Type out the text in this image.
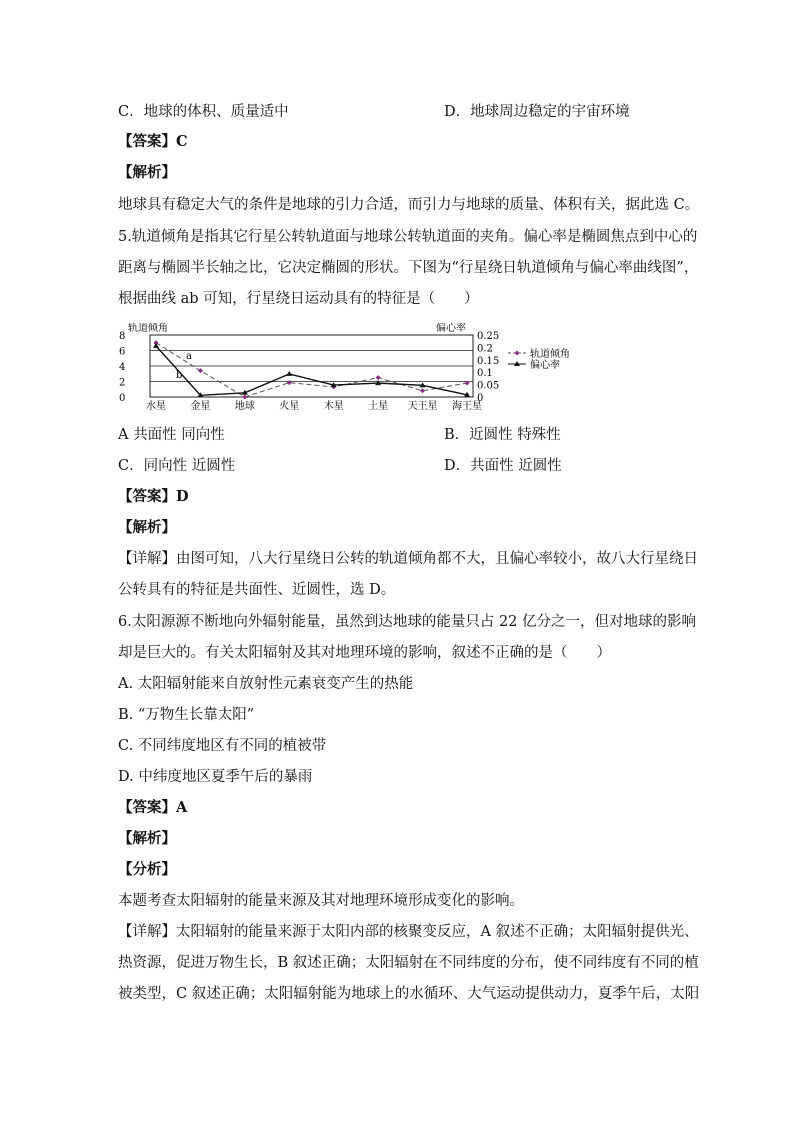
C．地球的体积、质量适中	D．地球周边稳定的宇宙环境
【答案】C
【解析】
地球具有稳定大气的条件是地球的引力合适，而引力与地球的质量、体积有关，据此选 C。
5.轨道倾角是指其它行星公转轨道面与地球公转轨道面的夹角。偏心率是椭圆焦点到中心的
距离与椭圆半长轴之比，它决定椭圆的形状。下图为“行星绕日轨道倾角与偏心率曲线图”，
根据曲线 ab 可知，行星绕日运动具有的特征是（　　）
0
2
4
6
8
0
0.05
0.1
0.15
0.2
0.25
轨道倾角	偏心率
水星 金星 地球 火星 木星 土星 天王星 海王星
a
b
轨道倾角
偏心率
A 共面性 同向性	B．近圆性 特殊性
C．同向性 近圆性	D．共面性 近圆性
【答案】D
【解析】
【详解】由图可知，八大行星绕日公转的轨道倾角都不大，且偏心率较小，故八大行星绕日
公转具有的特征是共面性、近圆性，选 D。
6.太阳源源不断地向外辐射能量，虽然到达地球的能量只占 22 亿分之一，但对地球的影响
却是巨大的。有关太阳辐射及其对地理环境的影响，叙述不正确的是（　　）
A. 太阳辐射能来自放射性元素衰变产生的热能
B. “万物生长靠太阳”
C. 不同纬度地区有不同的植被带
D. 中纬度地区夏季午后的暴雨
【答案】A
【解析】
【分析】
本题考查太阳辐射的能量来源及其对地理环境形成变化的影响。
【详解】太阳辐射的能量来源于太阳内部的核聚变反应，A 叙述不正确；太阳辐射提供光、
热资源，促进万物生长，B 叙述正确；太阳辐射在不同纬度的分布，使不同纬度有不同的植
被类型，C 叙述正确；太阳辐射能为地球上的水循环、大气运动提供动力，夏季午后，太阳
